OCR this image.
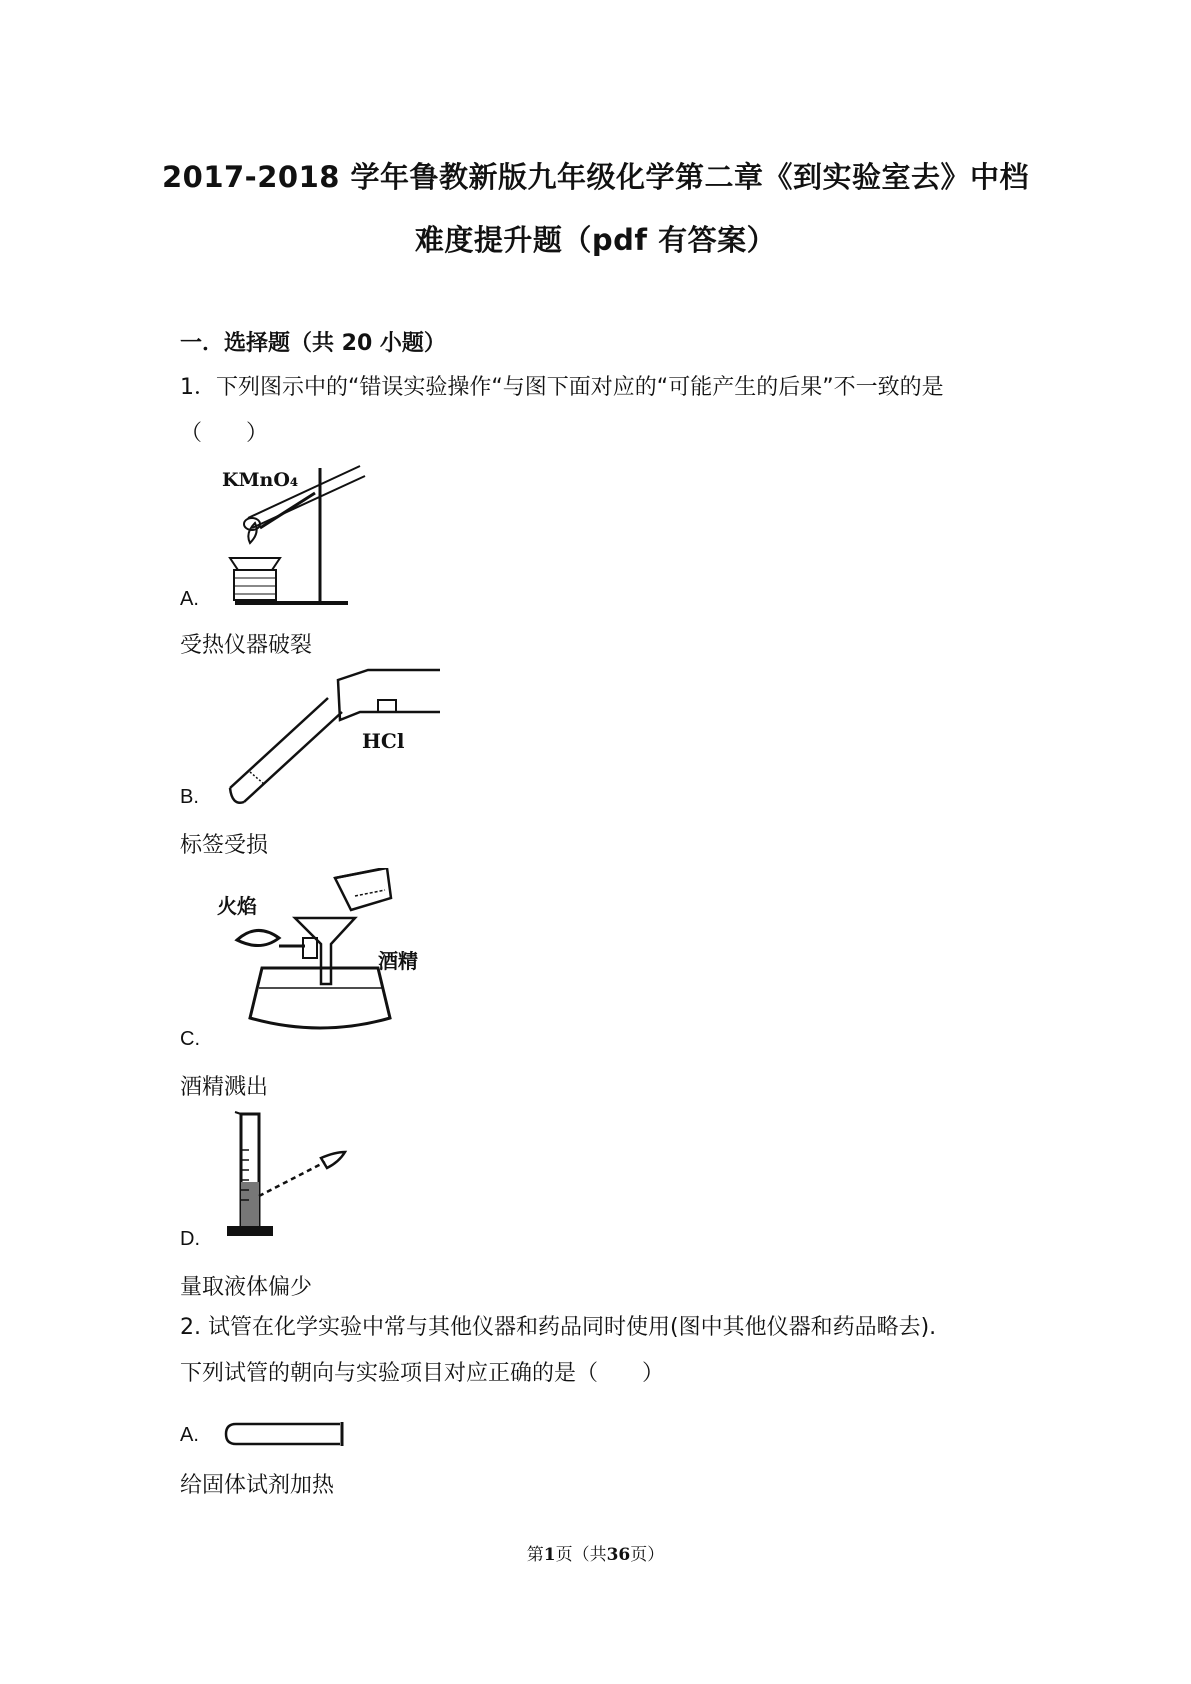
2017-2018 学年鲁教新版九年级化学第二章《到实验室去》中档
难度提升题（pdf 有答案）
一．选择题（共 20 小题）
1．下列图示中的“错误实验操作“与图下面对应的“可能产生的后果”不一致的是
（　　）
KMnO₄
A.
受热仪器破裂
HCl
B.
标签受损
火焰
酒精
C.
酒精溅出
D.
量取液体偏少
2. 试管在化学实验中常与其他仪器和药品同时使用(图中其他仪器和药品略去).
下列试管的朝向与实验项目对应正确的是（　　）
A.
给固体试剂加热
第1页（共36页）
